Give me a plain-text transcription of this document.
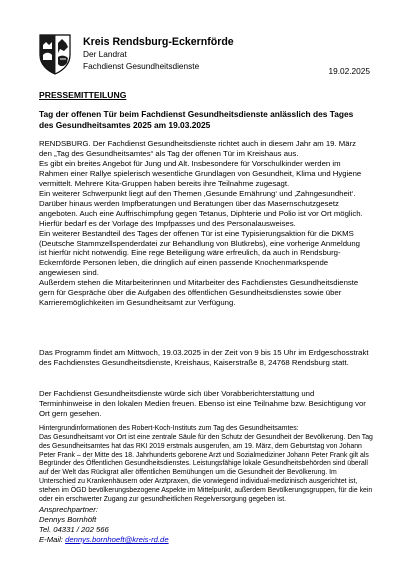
Kreis Rendsburg-Eckernförde
Der Landrat
Fachdienst Gesundheitsdienste
19.02.2025
PRESSEMITTEILUNG
Tag der offenen Tür beim Fachdienst Gesundheitsdienste anlässlich des Tages des Gesundheitsamtes 2025 am 19.03.2025

RENDSBURG. Der Fachdienst Gesundheitsdienste richtet auch in diesem Jahr am 19. März den „Tag des Gesundheitsamtes“ als Tag der offenen Tür im Kreishaus aus.

Es gibt ein breites Angebot für Jung und Alt. Insbesondere für Vorschulkinder werden im Rahmen einer Rallye spielerisch wesentliche Grundlagen von Gesundheit, Klima und Hygiene vermittelt. Mehrere Kita-Gruppen haben bereits ihre Teilnahme zugesagt.

Ein weiterer Schwerpunkt liegt auf den Themen ‚Gesunde Ernährung‘ und ‚Zahngesundheit‘.

Darüber hinaus werden Impfberatungen und Beratungen über das Masernschutzgesetz angeboten. Auch eine Auffrischimpfung gegen Tetanus, Diphterie und Polio ist vor Ort möglich. Hierfür bedarf es der Vorlage des Impfpasses und des Personalausweises.

Ein weiterer Bestandteil des Tages der offenen Tür ist eine Typisierungsaktion für die DKMS (Deutsche Stammzellspenderdatei zur Behandlung von Blutkrebs), eine vorherige Anmeldung ist hierfür nicht notwendig. Eine rege Beteiligung wäre erfreulich, da auch in Rendsburg-Eckernförde Personen leben, die dringlich auf einen passende Knochenmarkspende angewiesen sind.

Außerdem stehen die Mitarbeiterinnen und Mitarbeiter des Fachdienstes Gesundheitsdienste gern für Gespräche über die Aufgaben des öffentlichen Gesundheitsdienstes sowie über Karrieremöglichkeiten im Gesundheitsamt zur Verfügung.

Das Programm findet am Mittwoch, 19.03.2025 in der Zeit von 9 bis 15 Uhr im Erdgeschosstrakt des Fachdienstes Gesundheitsdienste, Kreishaus, Kaiserstraße 8, 24768 Rendsburg statt.

Der Fachdienst Gesundheitsdienste würde sich über Vorabberichterstattung und Terminhinweise in den lokalen Medien freuen. Ebenso ist eine Teilnahme bzw. Besichtigung vor Ort gern gesehen.

Hintergrundinformationen des Robert-Koch-Instituts zum Tag des Gesundheitsamtes:

Das Gesundheitsamt vor Ort ist eine zentrale Säule für den Schutz der Gesundheit der Bevölkerung. Den Tag des Gesundheitsamtes hat das RKI 2019 erstmals ausgerufen, am 19. März, dem Geburtstag von Johann Peter Frank – der Mitte des 18. Jahrhunderts geborene Arzt und Sozialmediziner Johann Peter Frank gilt als Begründer des Öffentlichen Gesundheitsdienstes. Leistungsfähige lokale Gesundheitsbehörden sind überall auf der Welt das Rückgrat aller öffentlichen Bemühungen um die Gesundheit der Bevölkerung. Im Unterschied zu Krankenhäusern oder Arztpraxen, die vorwiegend individual-medizinisch ausgerichtet ist, stehen im ÖGD bevölkerungsbezogene Aspekte im Mittelpunkt, außerdem Bevölkerungsgruppen, für die kein oder ein erschwerter Zugang zur gesundheitlichen Regelversorgung gegeben ist.

Ansprechpartner:
Dennys Bornhöft
Tel. 04331 / 202 566
E-Mail: dennys.bornhoeft@kreis-rd.de
